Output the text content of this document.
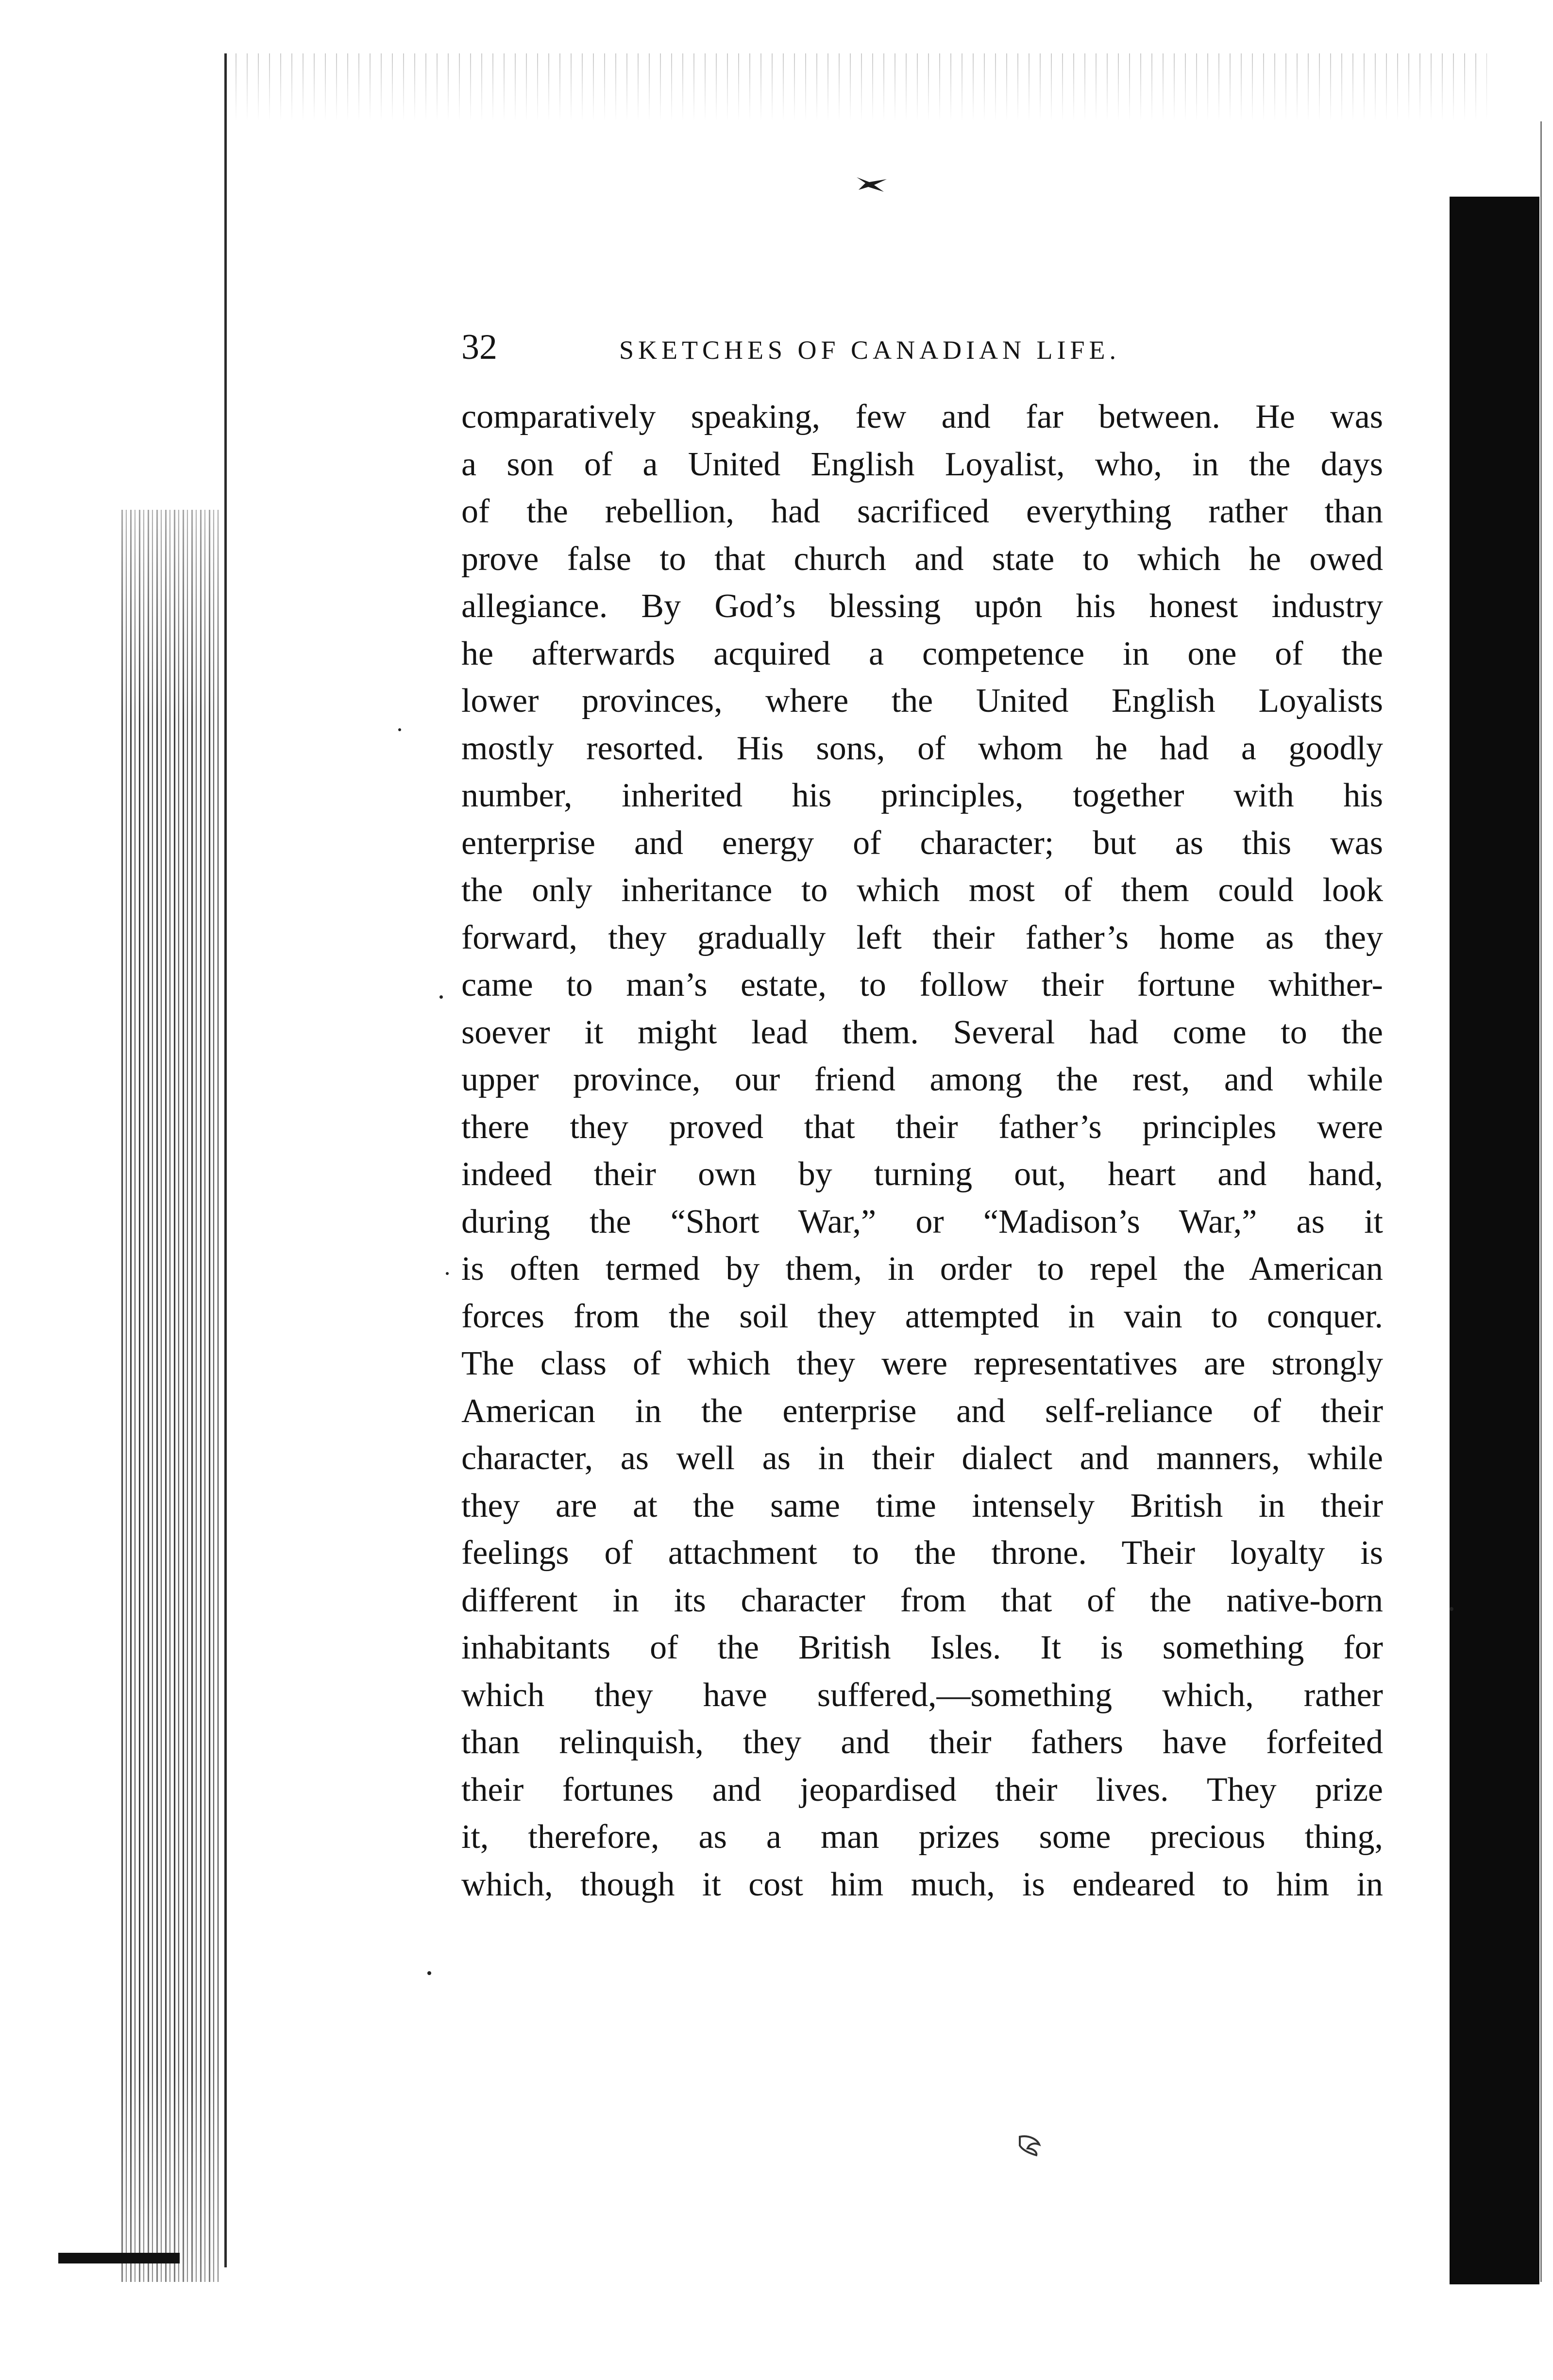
32	SKETCHES OF CANADIAN LIFE.
comparatively speaking, few and far between. He was
a son of a United English Loyalist, who, in the days
of the rebellion, had sacrificed everything rather than
prove false to that church and state to which he owed
allegiance. By God’s blessing upon his honest industry
he afterwards acquired a competence in one of the
lower provinces, where the United English Loyalists
mostly resorted. His sons, of whom he had a goodly
number, inherited his principles, together with his
enterprise and energy of character; but as this was
the only inheritance to which most of them could look
forward, they gradually left their father’s home as they
came to man’s estate, to follow their fortune whither-
soever it might lead them. Several had come to the
upper province, our friend among the rest, and while
there they proved that their father’s principles were
indeed their own by turning out, heart and hand,
during the “Short War,” or “Madison’s War,” as it
is often termed by them, in order to repel the American
forces from the soil they attempted in vain to conquer.
The class of which they were representatives are strongly
American in the enterprise and self-reliance of their
character, as well as in their dialect and manners, while
they are at the same time intensely British in their
feelings of attachment to the throne. Their loyalty is
different in its character from that of the native-born
inhabitants of the British Isles. It is something for
which they have suffered,—something which, rather
than relinquish, they and their fathers have forfeited
their fortunes and jeopardised their lives. They prize
it, therefore, as a man prizes some precious thing,
which, though it cost him much, is endeared to him in
